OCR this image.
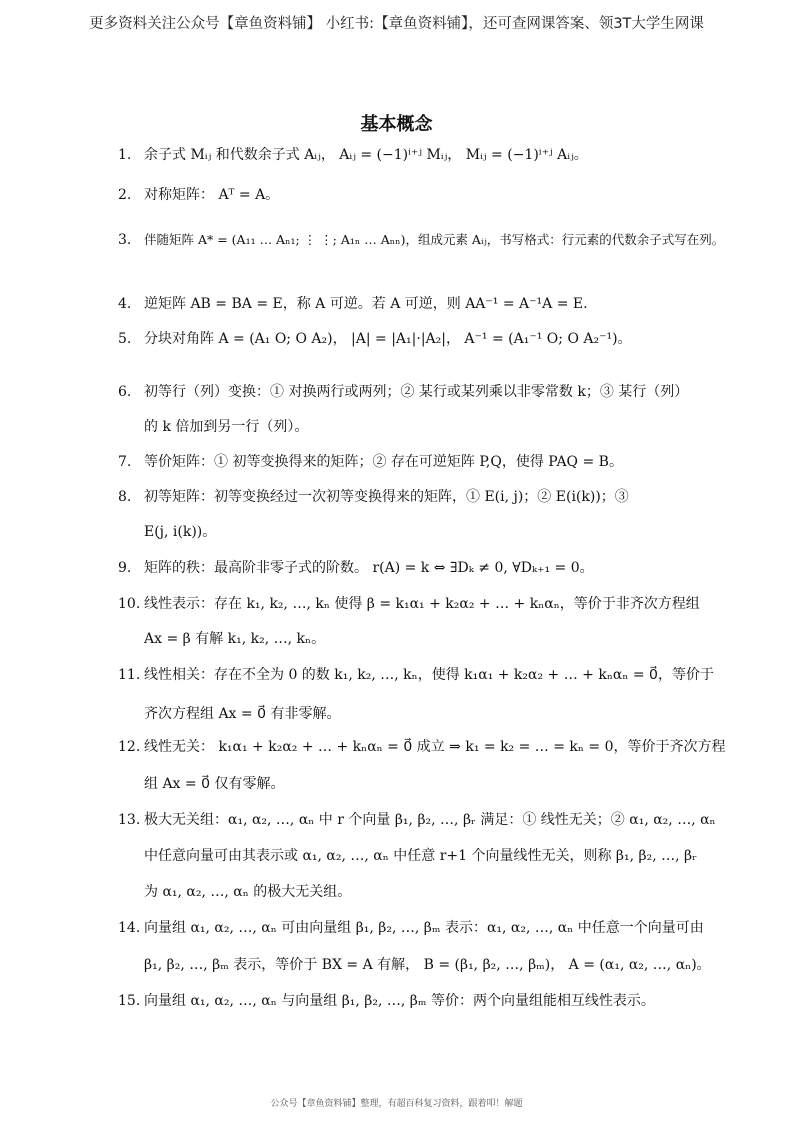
更多资料关注公众号【章鱼资料铺】 小红书:【章鱼资料铺】，还可查网课答案、领3T大学生网课
基本概念
1. 余子式 Mᵢⱼ 和代数余子式 Aᵢⱼ， Aᵢⱼ = (−1)ⁱ⁺ʲ Mᵢⱼ， Mᵢⱼ = (−1)ⁱ⁺ʲ Aᵢⱼ。
2. 对称矩阵： Aᵀ = A。
3. 伴随矩阵 A* = (A₁₁ … Aₙ₁; ⋮ ⋮; A₁ₙ … Aₙₙ)，组成元素 Aᵢⱼ，书写格式：行元素的代数余子式写在列。
4. 逆矩阵 AB = BA = E，称 A 可逆。若 A 可逆，则 AA⁻¹ = A⁻¹A = E.
5. 分块对角阵 A = (A₁ O; O A₂)， |A| = |A₁|·|A₂|， A⁻¹ = (A₁⁻¹ O; O A₂⁻¹)。
6. 初等行（列）变换：① 对换两行或两列；② 某行或某列乘以非零常数 k；③ 某行（列）
的 k 倍加到另一行（列）。
7. 等价矩阵：① 初等变换得来的矩阵；② 存在可逆矩阵 P,Q，使得 PAQ = B。
8. 初等矩阵：初等变换经过一次初等变换得来的矩阵，① E(i, j)；② E(i(k))；③
E(j, i(k))。
9. 矩阵的秩：最高阶非零子式的阶数。 r(A) = k ⇔ ∃Dₖ ≠ 0, ∀Dₖ₊₁ = 0。
10. 线性表示：存在 k₁, k₂, …, kₙ 使得 β = k₁α₁ + k₂α₂ + … + kₙαₙ，等价于非齐次方程组
Ax = β 有解 k₁, k₂, …, kₙ。
11. 线性相关：存在不全为 0 的数 k₁, k₂, …, kₙ，使得 k₁α₁ + k₂α₂ + … + kₙαₙ = 0⃗，等价于
齐次方程组 Ax = 0⃗ 有非零解。
12. 线性无关： k₁α₁ + k₂α₂ + … + kₙαₙ = 0⃗ 成立 ⇒ k₁ = k₂ = … = kₙ = 0，等价于齐次方程
组 Ax = 0⃗ 仅有零解。
13. 极大无关组：α₁, α₂, …, αₙ 中 r 个向量 β₁, β₂, …, βᵣ 满足：① 线性无关；② α₁, α₂, …, αₙ
中任意向量可由其表示或 α₁, α₂, …, αₙ 中任意 r+1 个向量线性无关，则称 β₁, β₂, …, βᵣ
为 α₁, α₂, …, αₙ 的极大无关组。
14. 向量组 α₁, α₂, …, αₙ 可由向量组 β₁, β₂, …, βₘ 表示：α₁, α₂, …, αₙ 中任意一个向量可由
β₁, β₂, …, βₘ 表示，等价于 BX = A 有解， B = (β₁, β₂, …, βₘ)， A = (α₁, α₂, …, αₙ)。
15. 向量组 α₁, α₂, …, αₙ 与向量组 β₁, β₂, …, βₘ 等价：两个向量组能相互线性表示。
公众号【章鱼资料铺】整理，有超百科复习资料，跟着叩！解题
